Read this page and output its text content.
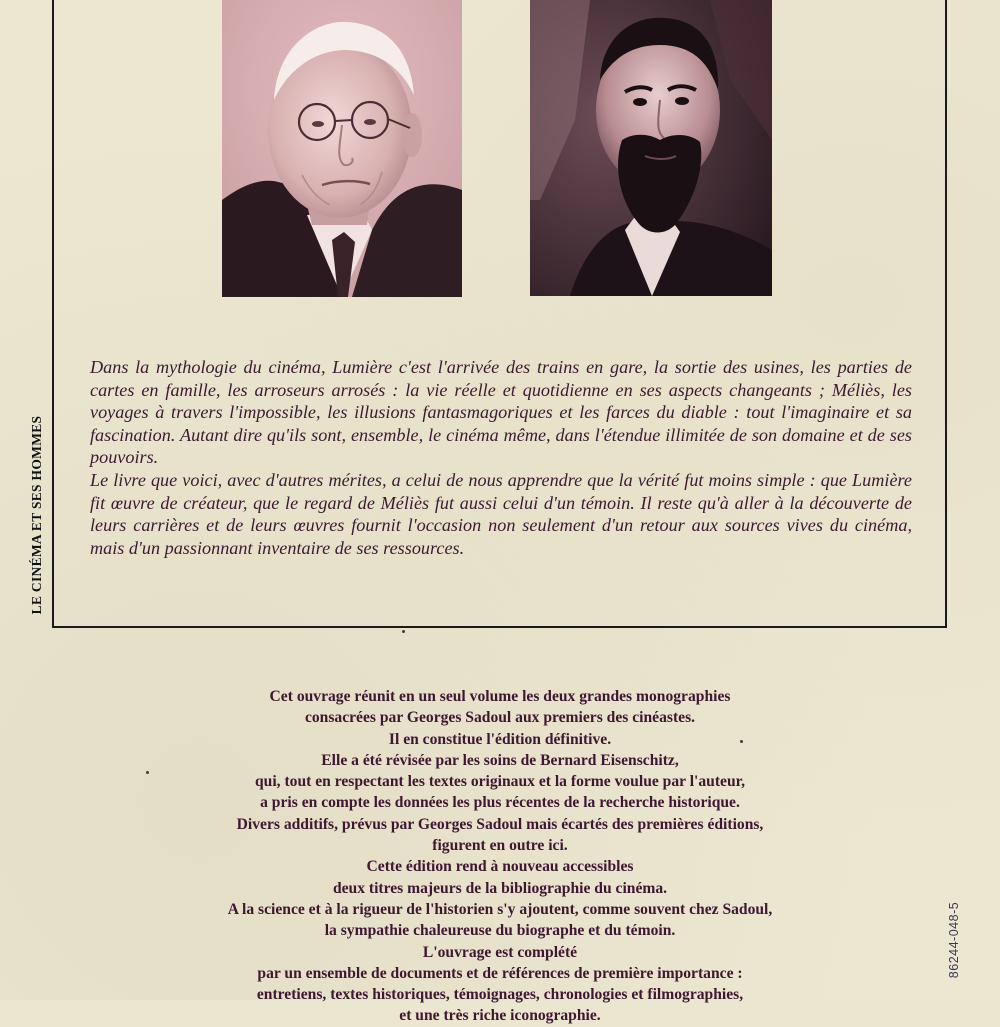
LE CINÉMA ET SES HOMMES

Dans la mythologie du cinéma, Lumière c'est l'arrivée des trains en gare, la sortie des usines, les parties de cartes en famille, les arroseurs arrosés : la vie réelle et quotidienne en ses aspects changeants ; Méliès, les voyages à travers l'impossible, les illusions fantasmagoriques et les farces du diable : tout l'imaginaire et sa fascination. Autant dire qu'ils sont, ensemble, le cinéma même, dans l'étendue illimitée de son domaine et de ses pouvoirs.

Le livre que voici, avec d'autres mérites, a celui de nous apprendre que la vérité fut moins simple : que Lumière fit œuvre de créateur, que le regard de Méliès fut aussi celui d'un témoin. Il reste qu'à aller à la découverte de leurs carrières et de leurs œuvres fournit l'occasion non seulement d'un retour aux sources vives du cinéma, mais d'un passionnant inventaire de ses ressources.

Cet ouvrage réunit en un seul volume les deux grandes monographies
consacrées par Georges Sadoul aux premiers des cinéastes.
Il en constitue l'édition définitive.
Elle a été révisée par les soins de Bernard Eisenschitz,
qui, tout en respectant les textes originaux et la forme voulue par l'auteur,
a pris en compte les données les plus récentes de la recherche historique.
Divers additifs, prévus par Georges Sadoul mais écartés des premières éditions,
figurent en outre ici.
Cette édition rend à nouveau accessibles
deux titres majeurs de la bibliographie du cinéma.
A la science et à la rigueur de l'historien s'y ajoutent, comme souvent chez Sadoul,
la sympathie chaleureuse du biographe et du témoin.
L'ouvrage est complété
par un ensemble de documents et de références de première importance :
entretiens, textes historiques, témoignages, chronologies et filmographies,
et une très riche iconographie.
86244-048-5
